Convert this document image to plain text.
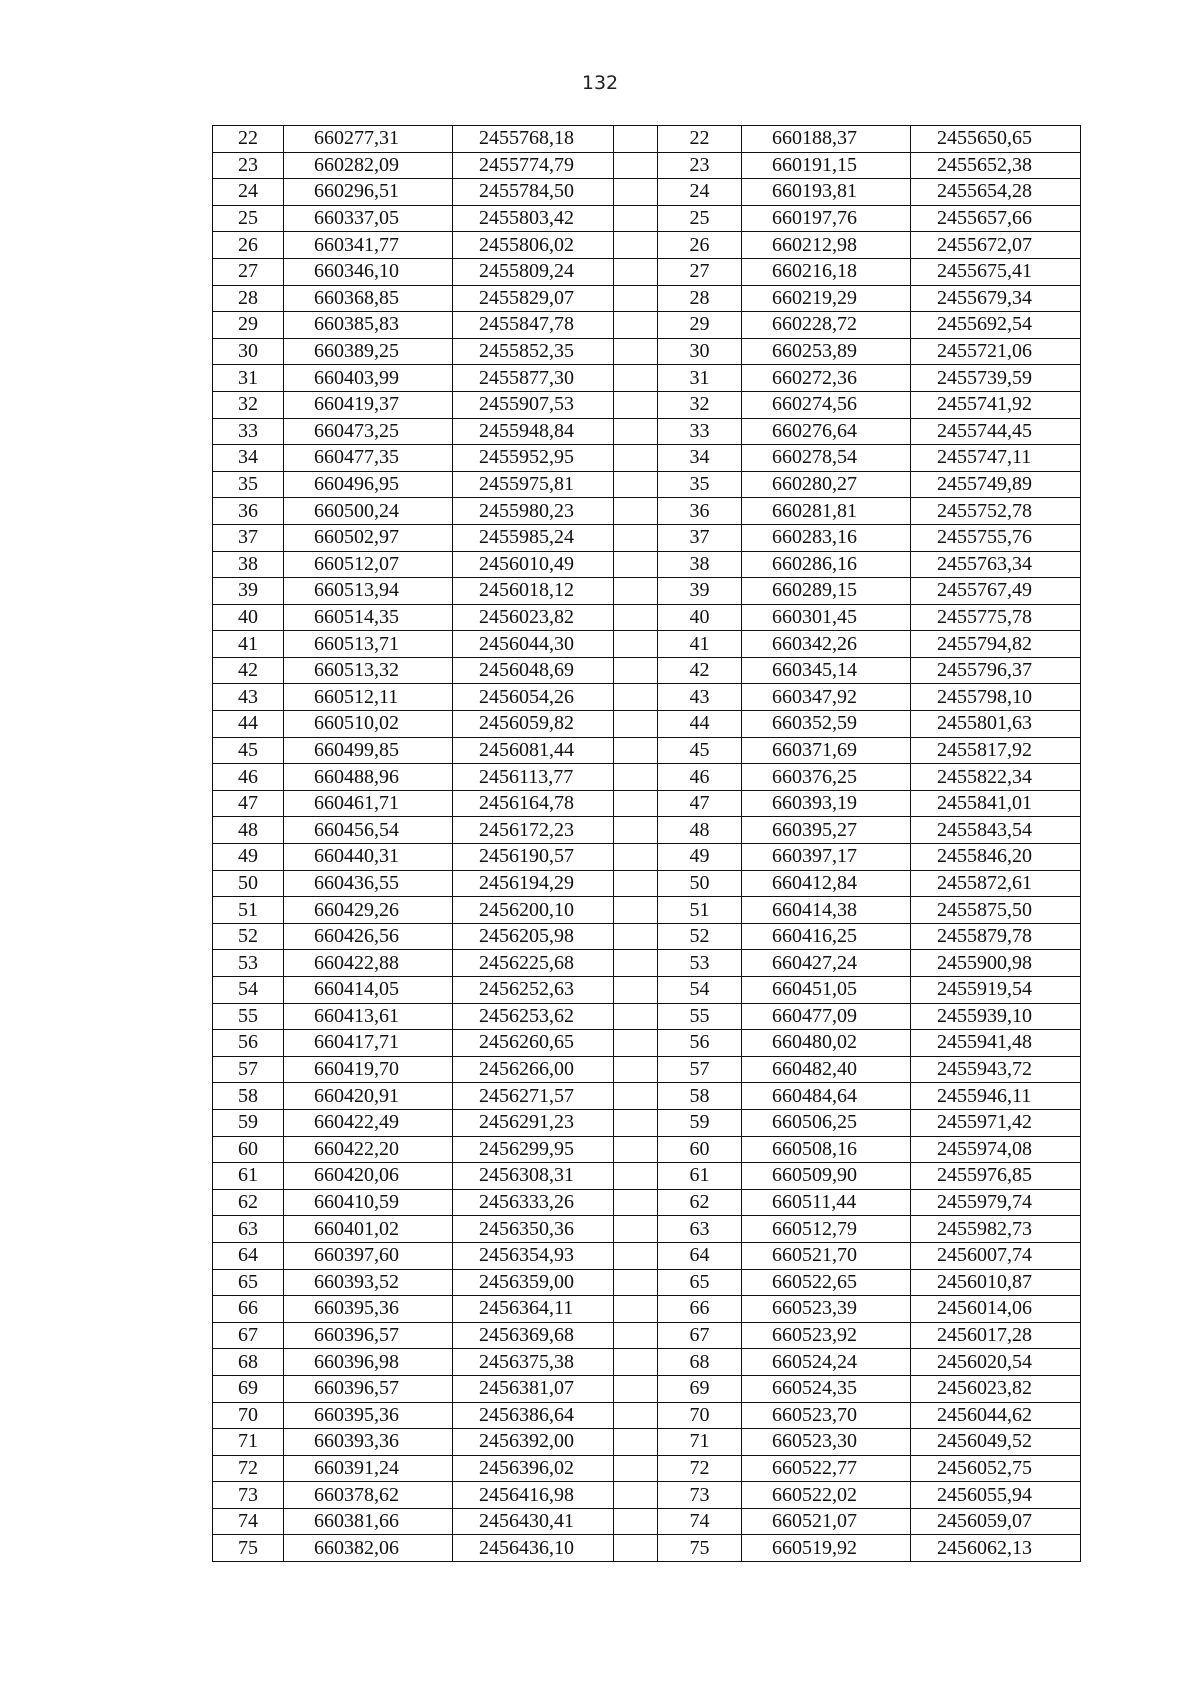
132
22	660277,31	2455768,18		22	660188,37	2455650,65
23	660282,09	2455774,79		23	660191,15	2455652,38
24	660296,51	2455784,50		24	660193,81	2455654,28
25	660337,05	2455803,42		25	660197,76	2455657,66
26	660341,77	2455806,02		26	660212,98	2455672,07
27	660346,10	2455809,24		27	660216,18	2455675,41
28	660368,85	2455829,07		28	660219,29	2455679,34
29	660385,83	2455847,78		29	660228,72	2455692,54
30	660389,25	2455852,35		30	660253,89	2455721,06
31	660403,99	2455877,30		31	660272,36	2455739,59
32	660419,37	2455907,53		32	660274,56	2455741,92
33	660473,25	2455948,84		33	660276,64	2455744,45
34	660477,35	2455952,95		34	660278,54	2455747,11
35	660496,95	2455975,81		35	660280,27	2455749,89
36	660500,24	2455980,23		36	660281,81	2455752,78
37	660502,97	2455985,24		37	660283,16	2455755,76
38	660512,07	2456010,49		38	660286,16	2455763,34
39	660513,94	2456018,12		39	660289,15	2455767,49
40	660514,35	2456023,82		40	660301,45	2455775,78
41	660513,71	2456044,30		41	660342,26	2455794,82
42	660513,32	2456048,69		42	660345,14	2455796,37
43	660512,11	2456054,26		43	660347,92	2455798,10
44	660510,02	2456059,82		44	660352,59	2455801,63
45	660499,85	2456081,44		45	660371,69	2455817,92
46	660488,96	2456113,77		46	660376,25	2455822,34
47	660461,71	2456164,78		47	660393,19	2455841,01
48	660456,54	2456172,23		48	660395,27	2455843,54
49	660440,31	2456190,57		49	660397,17	2455846,20
50	660436,55	2456194,29		50	660412,84	2455872,61
51	660429,26	2456200,10		51	660414,38	2455875,50
52	660426,56	2456205,98		52	660416,25	2455879,78
53	660422,88	2456225,68		53	660427,24	2455900,98
54	660414,05	2456252,63		54	660451,05	2455919,54
55	660413,61	2456253,62		55	660477,09	2455939,10
56	660417,71	2456260,65		56	660480,02	2455941,48
57	660419,70	2456266,00		57	660482,40	2455943,72
58	660420,91	2456271,57		58	660484,64	2455946,11
59	660422,49	2456291,23		59	660506,25	2455971,42
60	660422,20	2456299,95		60	660508,16	2455974,08
61	660420,06	2456308,31		61	660509,90	2455976,85
62	660410,59	2456333,26		62	660511,44	2455979,74
63	660401,02	2456350,36		63	660512,79	2455982,73
64	660397,60	2456354,93		64	660521,70	2456007,74
65	660393,52	2456359,00		65	660522,65	2456010,87
66	660395,36	2456364,11		66	660523,39	2456014,06
67	660396,57	2456369,68		67	660523,92	2456017,28
68	660396,98	2456375,38		68	660524,24	2456020,54
69	660396,57	2456381,07		69	660524,35	2456023,82
70	660395,36	2456386,64		70	660523,70	2456044,62
71	660393,36	2456392,00		71	660523,30	2456049,52
72	660391,24	2456396,02		72	660522,77	2456052,75
73	660378,62	2456416,98		73	660522,02	2456055,94
74	660381,66	2456430,41		74	660521,07	2456059,07
75	660382,06	2456436,10		75	660519,92	2456062,13
